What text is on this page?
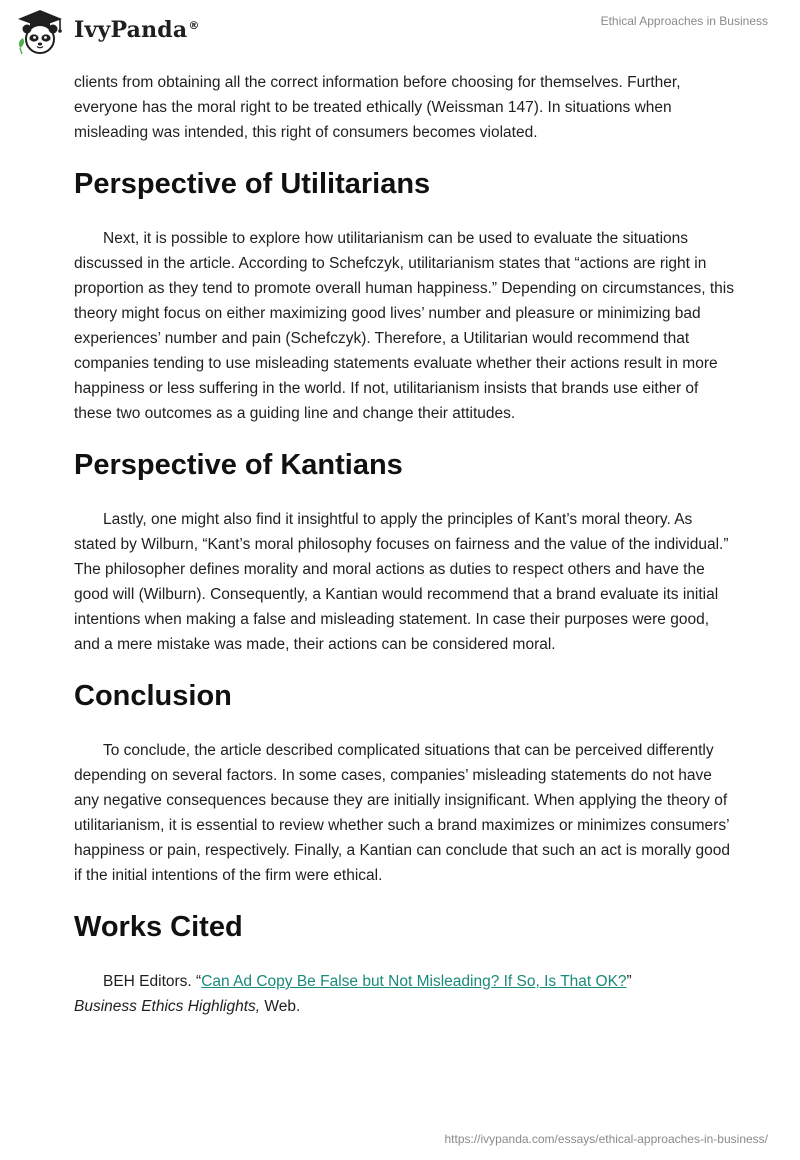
IvyPanda®	Ethical Approaches in Business

clients from obtaining all the correct information before choosing for themselves. Further, everyone has the moral right to be treated ethically (Weissman 147). In situations when misleading was intended, this right of consumers becomes violated.

Perspective of Utilitarians

Next, it is possible to explore how utilitarianism can be used to evaluate the situations discussed in the article. According to Schefczyk, utilitarianism states that “actions are right in proportion as they tend to promote overall human happiness.” Depending on circumstances, this theory might focus on either maximizing good lives’ number and pleasure or minimizing bad experiences’ number and pain (Schefczyk). Therefore, a Utilitarian would recommend that companies tending to use misleading statements evaluate whether their actions result in more happiness or less suffering in the world. If not, utilitarianism insists that brands use either of these two outcomes as a guiding line and change their attitudes.

Perspective of Kantians

Lastly, one might also find it insightful to apply the principles of Kant’s moral theory. As stated by Wilburn, “Kant’s moral philosophy focuses on fairness and the value of the individual.” The philosopher defines morality and moral actions as duties to respect others and have the good will (Wilburn). Consequently, a Kantian would recommend that a brand evaluate its initial intentions when making a false and misleading statement. In case their purposes were good, and a mere mistake was made, their actions can be considered moral.

Conclusion

To conclude, the article described complicated situations that can be perceived differently depending on several factors. In some cases, companies’ misleading statements do not have any negative consequences because they are initially insignificant. When applying the theory of utilitarianism, it is essential to review whether such a brand maximizes or minimizes consumers’ happiness or pain, respectively. Finally, a Kantian can conclude that such an act is morally good if the initial intentions of the firm were ethical.

Works Cited

BEH Editors. “Can Ad Copy Be False but Not Misleading? If So, Is That OK?”
Business Ethics Highlights, Web.

https://ivypanda.com/essays/ethical-approaches-in-business/
